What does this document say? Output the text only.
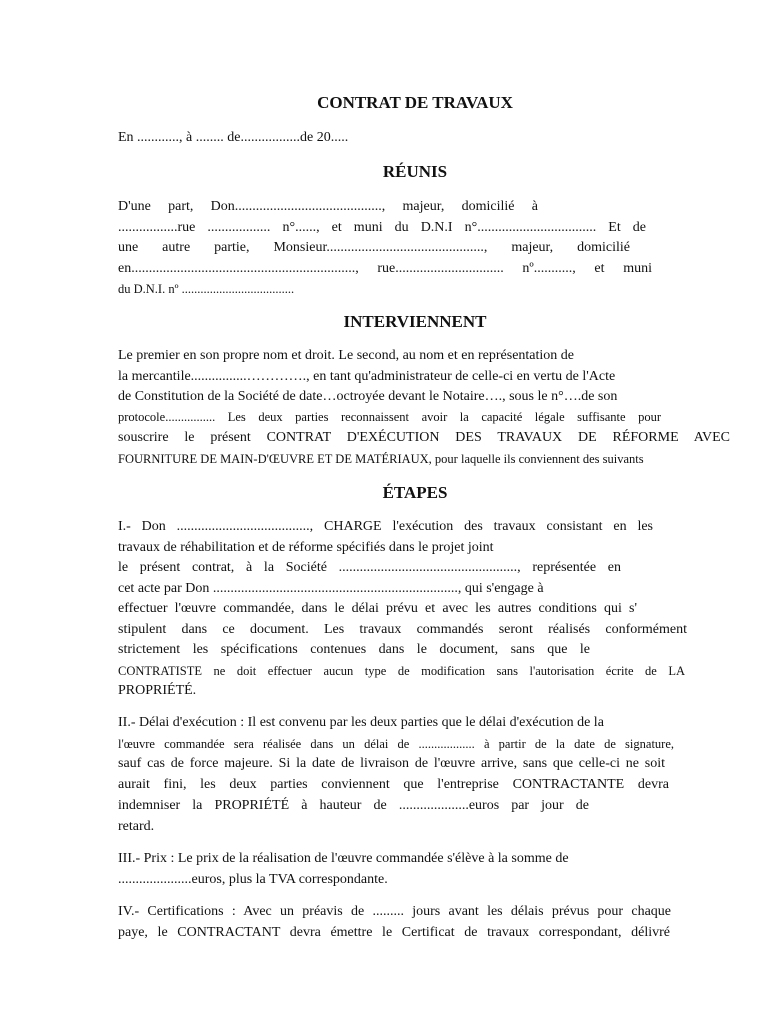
CONTRAT DE TRAVAUX
En ............, à ........ de.................de 20.....
RÉUNIS
D'une part, Don.........................................., majeur, domicilié à
.................rue .................. n°......, et muni du D.N.I n°.................................. Et de
une autre partie, Monsieur............................................., majeur, domicilié
en................................................................, rue............................... nº..........., et muni
du D.N.I. nº ....................................
INTERVIENNENT
Le premier en son propre nom et droit. Le second, au nom et en représentation de
la mercantile................…………., en tant qu'administrateur de celle-ci en vertu de l'Acte
de Constitution de la Société de date…octroyée devant le Notaire…., sous le n°….de son
protocole................ Les deux parties reconnaissent avoir la capacité légale suffisante pour
souscrire le présent CONTRAT D'EXÉCUTION DES TRAVAUX DE RÉFORME AVEC
FOURNITURE DE MAIN-D'ŒUVRE ET DE MATÉRIAUX, pour laquelle ils conviennent des suivants
ÉTAPES
I.- Don ......................................, CHARGE l'exécution des travaux consistant en les
travaux de réhabilitation et de réforme spécifiés dans le projet joint
le présent contrat, à la Société ..................................................., représentée en
cet acte par Don ......................................................................, qui s'engage à
effectuer l'œuvre commandée, dans le délai prévu et avec les autres conditions qui s'
stipulent dans ce document. Les travaux commandés seront réalisés conformément
strictement les spécifications contenues dans le document, sans que le
CONTRATISTE ne doit effectuer aucun type de modification sans l'autorisation écrite de LA
PROPRIÉTÉ.
II.- Délai d'exécution : Il est convenu par les deux parties que le délai d'exécution de la
l'œuvre commandée sera réalisée dans un délai de .................. à partir de la date de signature,
sauf cas de force majeure. Si la date de livraison de l'œuvre arrive, sans que celle-ci ne soit
aurait fini, les deux parties conviennent que l'entreprise CONTRACTANTE devra
indemniser la PROPRIÉTÉ à hauteur de ....................euros par jour de
retard.
III.- Prix : Le prix de la réalisation de l'œuvre commandée s'élève à la somme de
.....................euros, plus la TVA correspondante.
IV.- Certifications : Avec un préavis de ......... jours avant les délais prévus pour chaque
paye, le CONTRACTANT devra émettre le Certificat de travaux correspondant, délivré
